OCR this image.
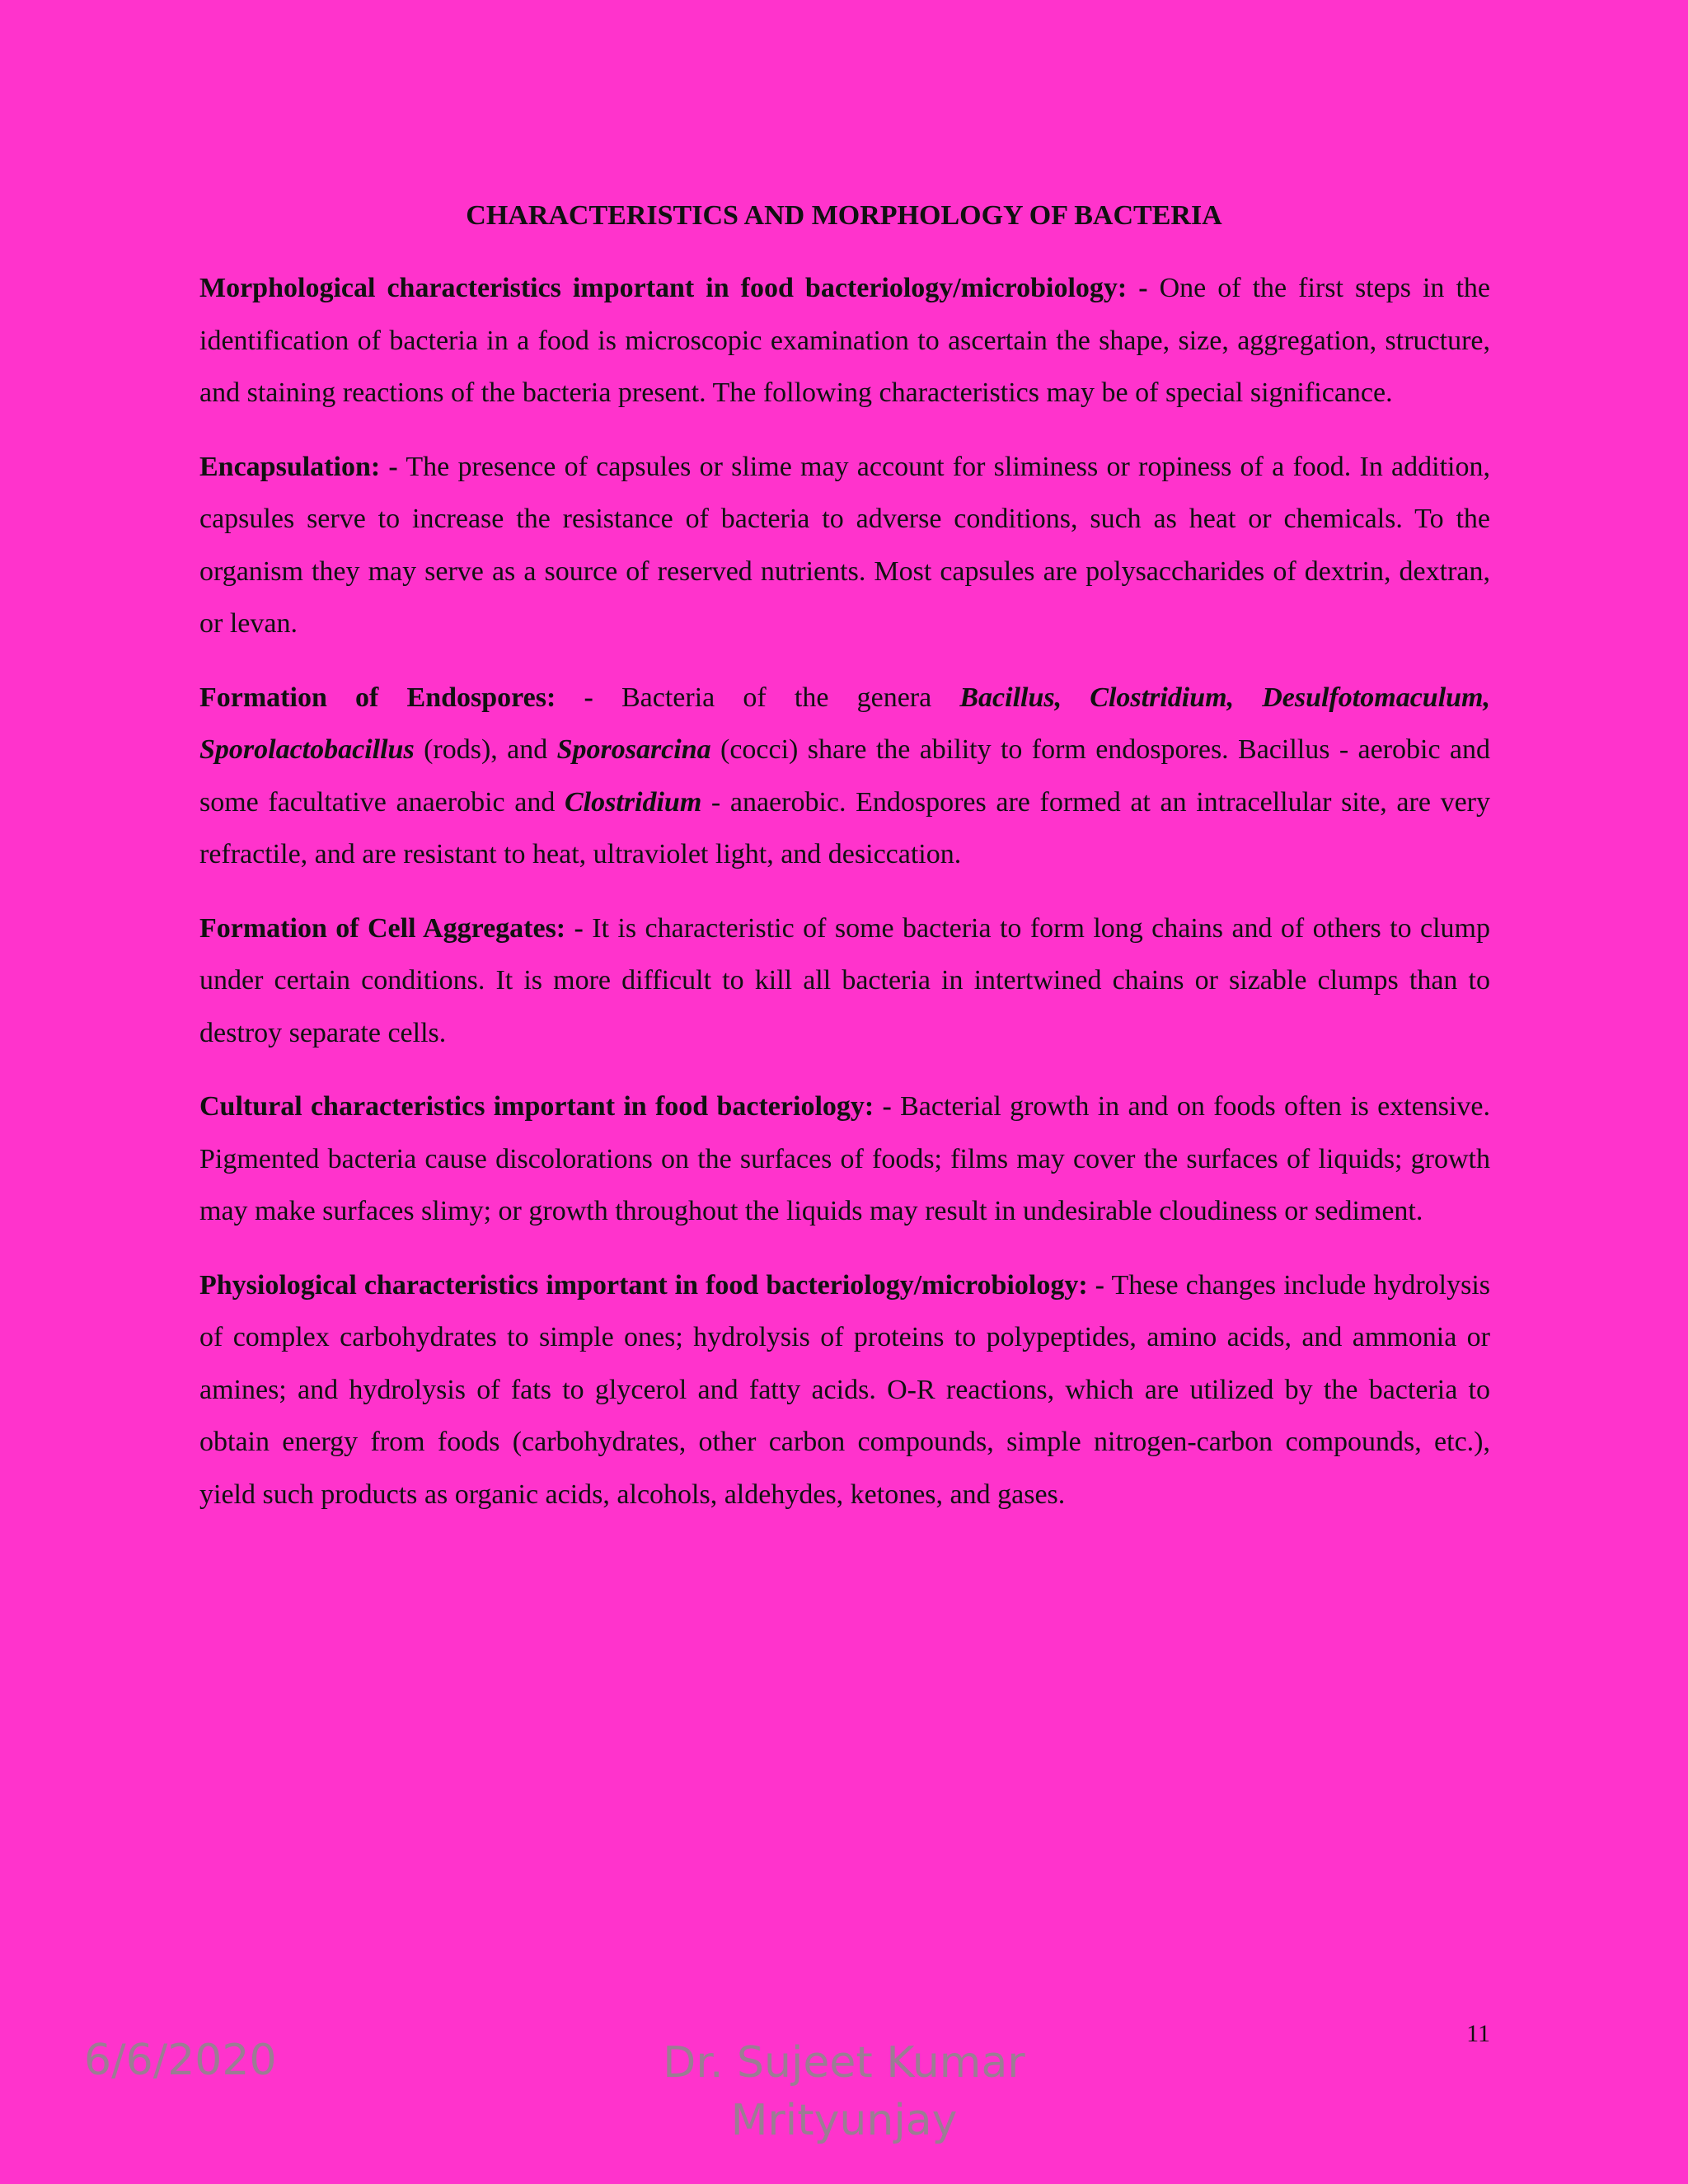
CHARACTERISTICS AND MORPHOLOGY OF BACTERIA

Morphological characteristics important in food bacteriology/microbiology: - One of the first steps in the identification of bacteria in a food is microscopic examination to ascertain the shape, size, aggregation, structure, and staining reactions of the bacteria present. The following characteristics may be of special significance.

Encapsulation: - The presence of capsules or slime may account for sliminess or ropiness of a food. In addition, capsules serve to increase the resistance of bacteria to adverse conditions, such as heat or chemicals. To the organism they may serve as a source of reserved nutrients. Most capsules are polysaccharides of dextrin, dextran, or levan.

Formation of Endospores: - Bacteria of the genera Bacillus, Clostridium, Desulfotomaculum, Sporolactobacillus (rods), and Sporosarcina (cocci) share the ability to form endospores. Bacillus - aerobic and some facultative anaerobic and Clostridium - anaerobic. Endospores are formed at an intracellular site, are very refractile, and are resistant to heat, ultraviolet light, and desiccation.

Formation of Cell Aggregates: - It is characteristic of some bacteria to form long chains and of others to clump under certain conditions. It is more difficult to kill all bacteria in intertwined chains or sizable clumps than to destroy separate cells.

Cultural characteristics important in food bacteriology: - Bacterial growth in and on foods often is extensive. Pigmented bacteria cause discolorations on the surfaces of foods; films may cover the surfaces of liquids; growth may make surfaces slimy; or growth throughout the liquids may result in undesirable cloudiness or sediment.

Physiological characteristics important in food bacteriology/microbiology: - These changes include hydrolysis of complex carbohydrates to simple ones; hydrolysis of proteins to polypeptides, amino acids, and ammonia or amines; and hydrolysis of fats to glycerol and fatty acids. O-R reactions, which are utilized by the bacteria to obtain energy from foods (carbohydrates, other carbon compounds, simple nitrogen-carbon compounds, etc.), yield such products as organic acids, alcohols, aldehydes, ketones, and gases.

11
6/6/2020	Dr. Sujeet Kumar
Mrityunjay
